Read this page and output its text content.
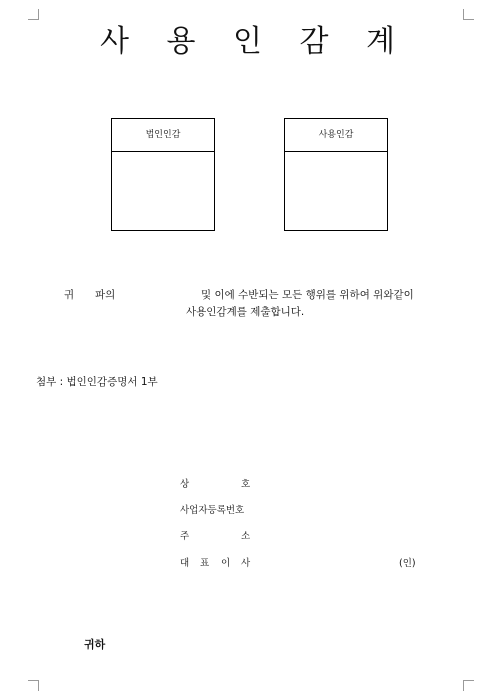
사 용 인 감 계
법인인감	사용인감
귀 파의	및 이에 수반되는 모든 행위를 위하여 위와같이
사용인감계를 제출합니다.
첨부 : 법인인감증명서 1부
상	호
사업자등록번호
주	소
대 표 이 사	(인)
귀하
